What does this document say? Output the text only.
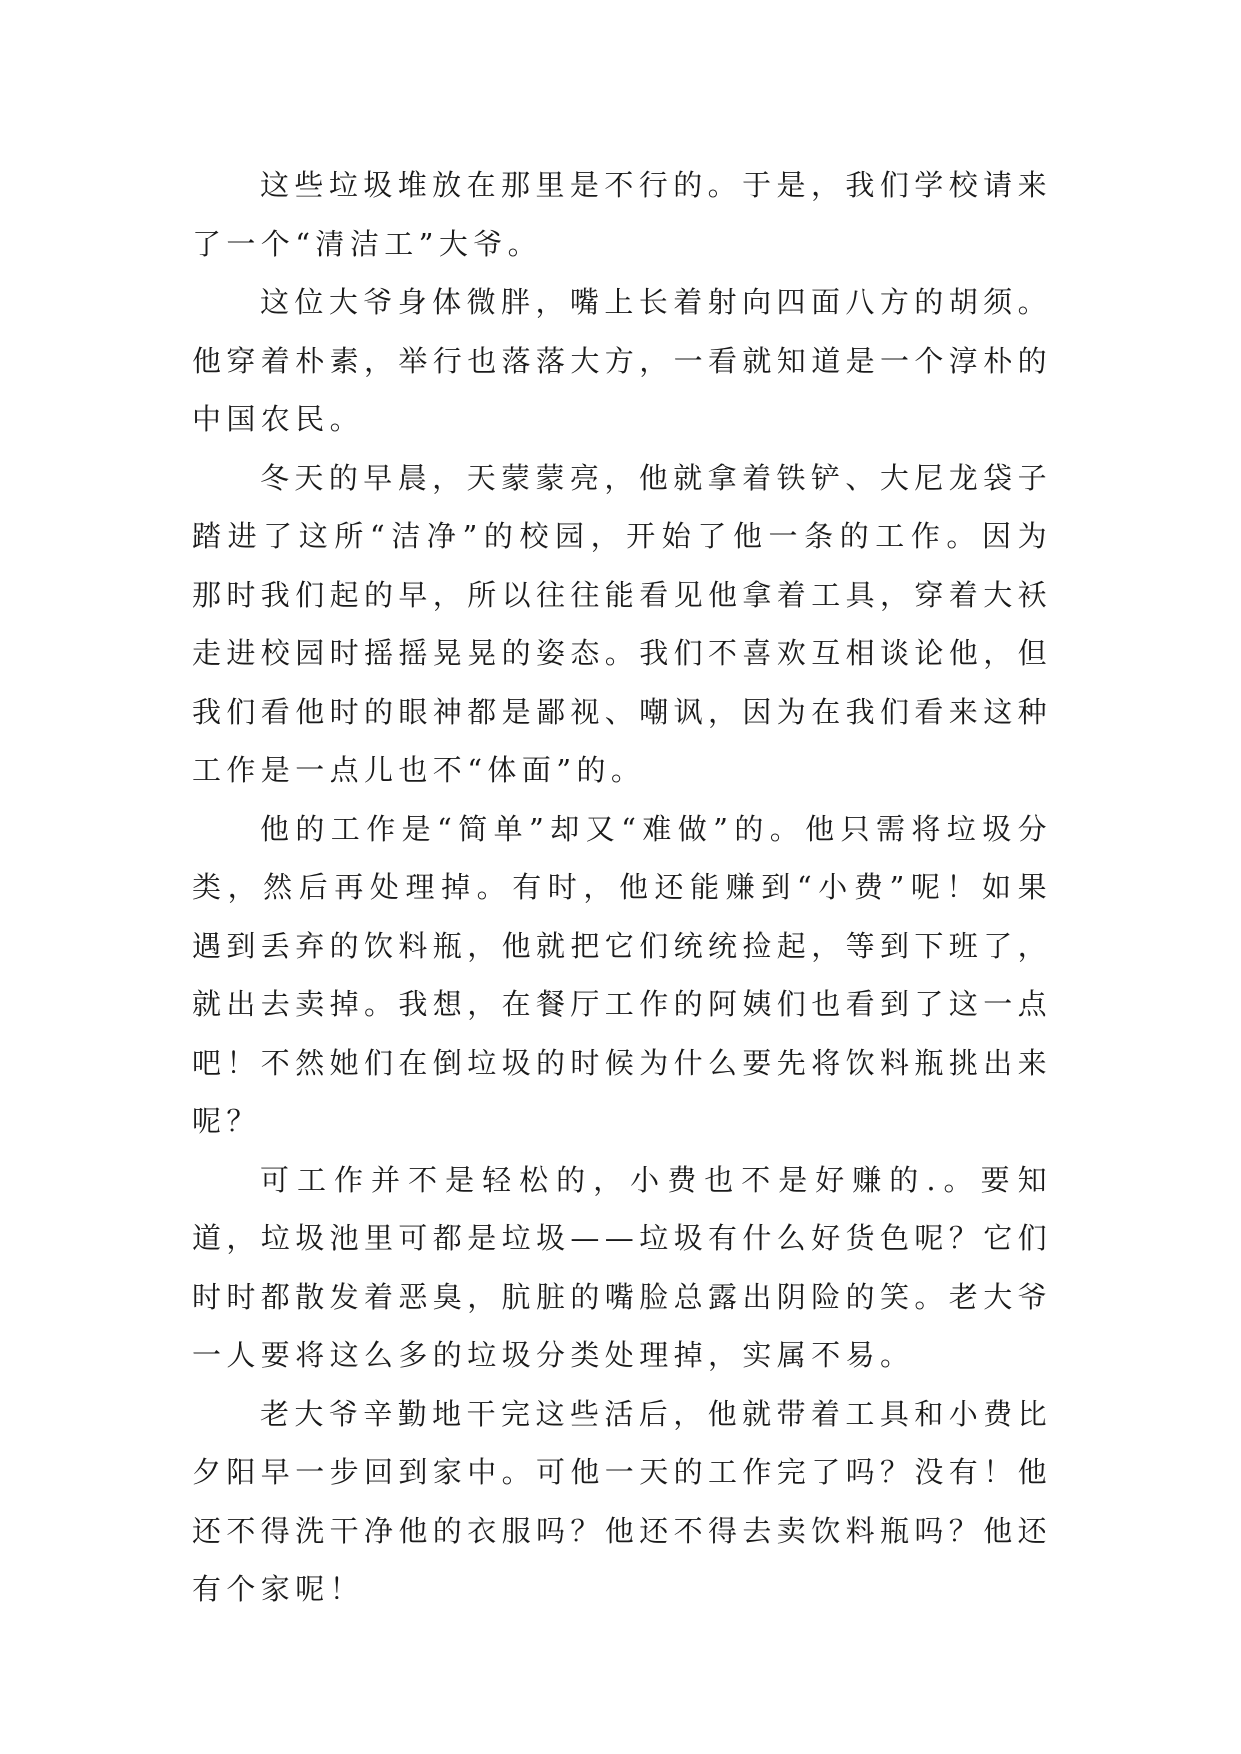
这些垃圾堆放在那里是不行的。于是，我们学校请来了一个“清洁工”大爷。

这位大爷身体微胖，嘴上长着射向四面八方的胡须。他穿着朴素，举行也落落大方，一看就知道是一个淳朴的中国农民。

冬天的早晨，天蒙蒙亮，他就拿着铁铲、大尼龙袋子踏进了这所“洁净”的校园，开始了他一条的工作。因为那时我们起的早，所以往往能看见他拿着工具，穿着大袄走进校园时摇摇晃晃的姿态。我们不喜欢互相谈论他，但我们看他时的眼神都是鄙视、嘲讽，因为在我们看来这种工作是一点儿也不“体面”的。

他的工作是“简单”却又“难做”的。他只需将垃圾分类，然后再处理掉。有时，他还能赚到“小费”呢！如果遇到丢弃的饮料瓶，他就把它们统统捡起，等到下班了，就出去卖掉。我想，在餐厅工作的阿姨们也看到了这一点吧！不然她们在倒垃圾的时候为什么要先将饮料瓶挑出来呢？

可工作并不是轻松的，小费也不是好赚的.。要知道，垃圾池里可都是垃圾——垃圾有什么好货色呢？它们时时都散发着恶臭，肮脏的嘴脸总露出阴险的笑。老大爷一人要将这么多的垃圾分类处理掉，实属不易。

老大爷辛勤地干完这些活后，他就带着工具和小费比夕阳早一步回到家中。可他一天的工作完了吗？没有！他还不得洗干净他的衣服吗？他还不得去卖饮料瓶吗？他还有个家呢！
